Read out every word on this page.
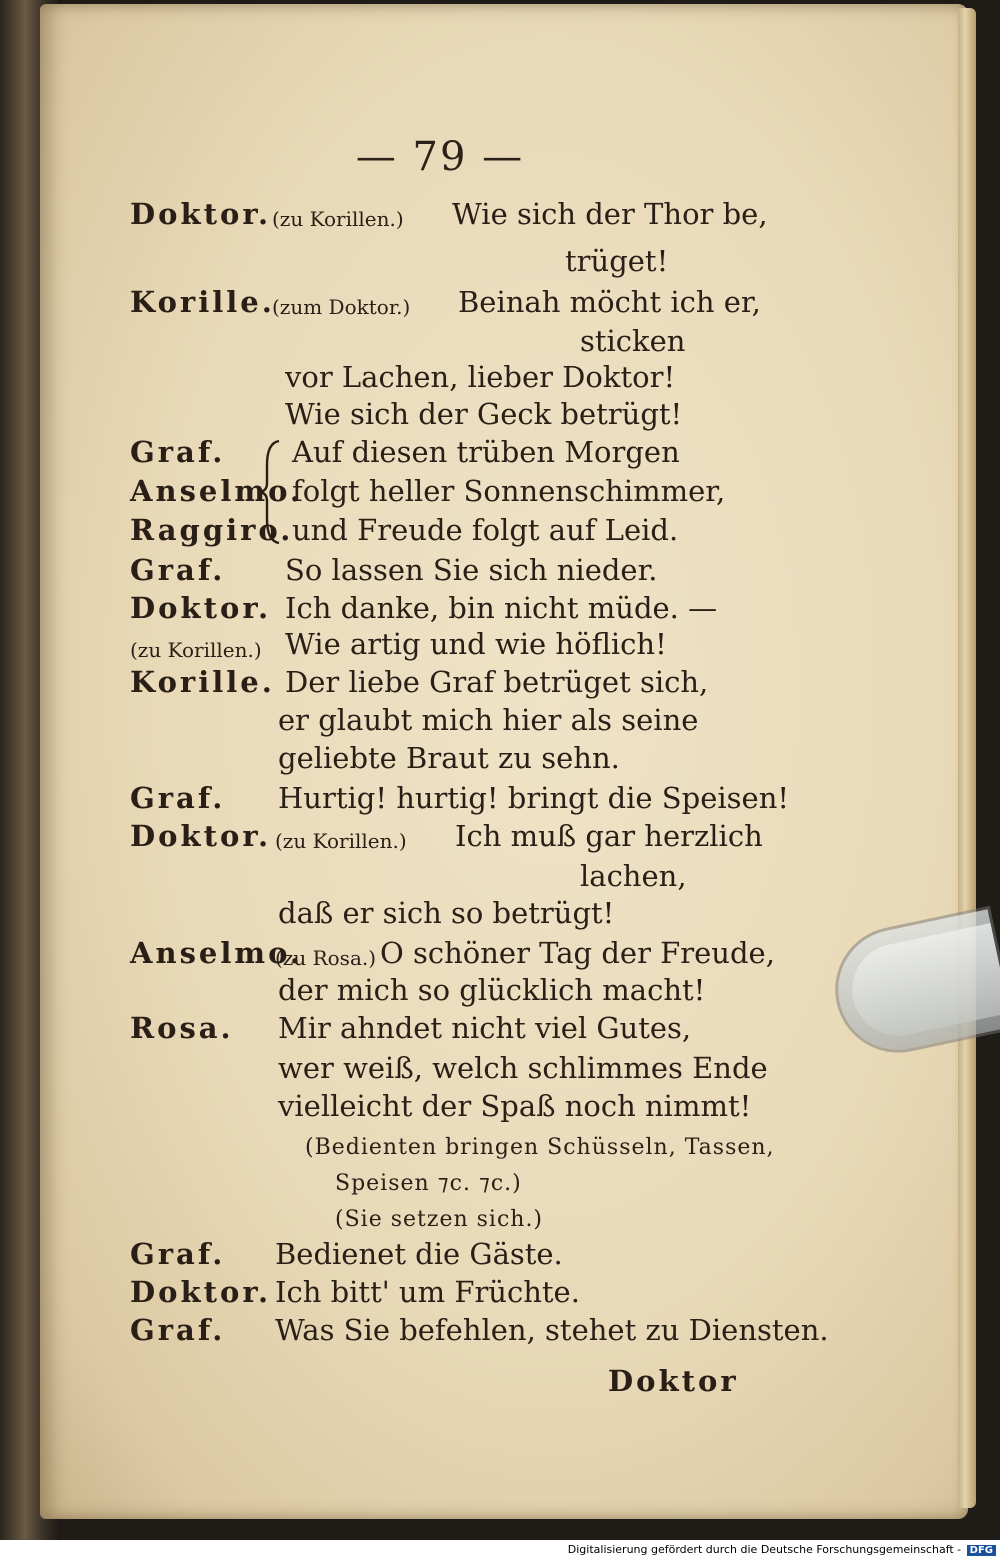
— 79 —
Doktor. (zu Korillen.) Wie sich der Thor be,
trüget!
Korille.
(zum Doktor.) Beinah möcht ich er,
sticken
vor Lachen, lieber Doktor!
Wie sich der Geck betrügt!
Graf. Auf diesen trüben Morgen
Anselmo.
folgt heller Sonnenschimmer,
Raggiro.
und Freude folgt auf Leid.
Graf. So lassen Sie sich nieder.
Doktor. Ich danke, bin nicht müde. —
(zu Korillen.) Wie artig und wie höflich!
Korille. Der liebe Graf betrüget sich,
er glaubt mich hier als seine
geliebte Braut zu sehn.
Graf. Hurtig! hurtig! bringt die Speisen!
Doktor. (zu Korillen.) Ich muß gar herzlich
lachen,
daß er sich so betrügt!
Anselmo.
(zu Rosa.) O schöner Tag der Freude,
der mich so glücklich macht!
Rosa. Mir ahndet nicht viel Gutes,
wer weiß, welch schlimmes Ende
vielleicht der Spaß noch nimmt!
(Bedienten bringen Schüsseln, Tassen,
Speisen ⁊c. ⁊c.)
(Sie setzen sich.)
Graf. Bedienet die Gäste.
Doktor. Ich bitt' um Früchte.
Graf. Was Sie befehlen, stehet zu Diensten.
Doktor
Digitalisierung gefördert durch die Deutsche Forschungsgemeinschaft - DFG
